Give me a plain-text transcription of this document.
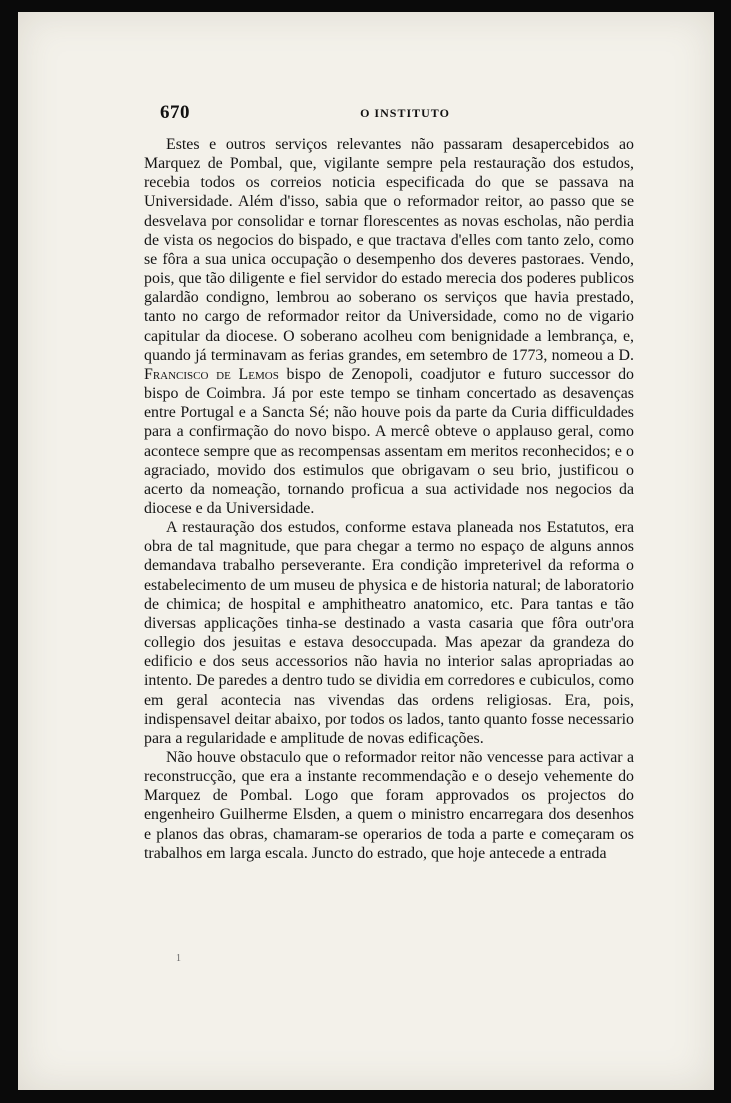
670	O INSTITUTO

Estes e outros serviços relevantes não passaram desapercebidos ao Marquez de Pombal, que, vigilante sempre pela restauração dos estudos, recebia todos os correios noticia especificada do que se passava na Universidade. Além d'isso, sabia que o reformador reitor, ao passo que se desvelava por consolidar e tornar florescentes as novas escholas, não perdia de vista os negocios do bispado, e que tractava d'elles com tanto zelo, como se fôra a sua unica occupação o desempenho dos deveres pastoraes. Vendo, pois, que tão diligente e fiel servidor do estado merecia dos poderes publicos galardão condigno, lembrou ao soberano os serviços que havia prestado, tanto no cargo de reformador reitor da Universidade, como no de vigario capitular da diocese. O soberano acolheu com benignidade a lembrança, e, quando já terminavam as ferias grandes, em setembro de 1773, nomeou a D. Francisco de Lemos bispo de Zenopoli, coadjutor e futuro successor do bispo de Coimbra. Já por este tempo se tinham concertado as desavenças entre Portugal e a Sancta Sé; não houve pois da parte da Curia difficuldades para a confirmação do novo bispo. A mercê obteve o applauso geral, como acontece sempre que as recompensas assentam em meritos reconhecidos; e o agraciado, movido dos estimulos que obrigavam o seu brio, justificou o acerto da nomeação, tornando proficua a sua actividade nos negocios da diocese e da Universidade.

A restauração dos estudos, conforme estava planeada nos Estatutos, era obra de tal magnitude, que para chegar a termo no espaço de alguns annos demandava trabalho perseverante. Era condição impreterivel da reforma o estabelecimento de um museu de physica e de historia natural; de laboratorio de chimica; de hospital e amphitheatro anatomico, etc. Para tantas e tão diversas applicações tinha-se destinado a vasta casaria que fôra outr'ora collegio dos jesuitas e estava desoccupada. Mas apezar da grandeza do edificio e dos seus accessorios não havia no interior salas apropriadas ao intento. De paredes a dentro tudo se dividia em corredores e cubiculos, como em geral acontecia nas vivendas das ordens religiosas. Era, pois, indispensavel deitar abaixo, por todos os lados, tanto quanto fosse necessario para a regularidade e amplitude de novas edificações.

Não houve obstaculo que o reformador reitor não vencesse para activar a reconstrucção, que era a instante recommendação e o desejo vehemente do Marquez de Pombal. Logo que foram approvados os projectos do engenheiro Guilherme Elsden, a quem o ministro encarregara dos desenhos e planos das obras, chamaram-se operarios de toda a parte e começaram os trabalhos em larga escala. Juncto do estrado, que hoje antecede a entrada

1
